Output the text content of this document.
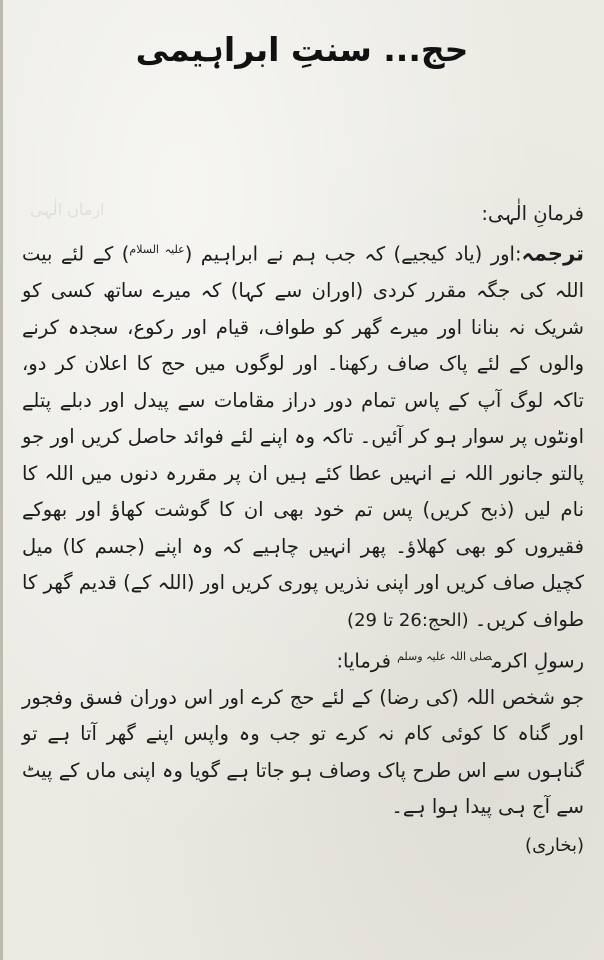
ارمان الٰہی
حج... سنتِ ابراہیمی

فرمانِ الٰہی:

ترجمہ:اور (یاد کیجیے) کہ جب ہم نے ابراہیم ($^{علیہ السلام}$) کے لئے بیت اللہ کی جگہ مقرر کردی (اوران سے کہا) کہ میرے ساتھ کسی کو شریک نہ بنانا اور میرے گھر کو طواف، قیام اور رکوع، سجدہ کرنے والوں کے لئے پاک صاف رکھنا۔ اور لوگوں میں حج کا اعلان کر دو، تاکہ لوگ آپ کے پاس تمام دور دراز مقامات سے پیدل اور دبلے پتلے اونٹوں پر سوار ہو کر آئیں۔ تاکہ وہ اپنے لئے فوائد حاصل کریں اور جو پالتو جانور اللہ نے انہیں عطا کئے ہیں ان پر مقررہ دنوں میں اللہ کا نام لیں (ذبح کریں) پس تم خود بھی ان کا گوشت کھاؤ اور بھوکے فقیروں کو بھی کھلاؤ۔ پھر انہیں چاہیے کہ وہ اپنے (جسم کا) میل کچیل صاف کریں اور اپنی نذریں پوری کریں اور (اللہ کے) قدیم گھر کا طواف کریں۔ (الحج:26 تا 29)

رسولِ اکرم$^{صلی اللہ علیہ وسلم}$ فرمایا:

جو شخص اللہ (کی رضا) کے لئے حج کرے اور اس دوران فسق وفجور اور گناہ کا کوئی کام نہ کرے تو جب وہ واپس اپنے گھر آتا ہے تو گناہوں سے اس طرح پاک وصاف ہو جاتا ہے گویا وہ اپنی ماں کے پیٹ سے آج ہی پیدا ہوا ہے۔

(بخاری)
